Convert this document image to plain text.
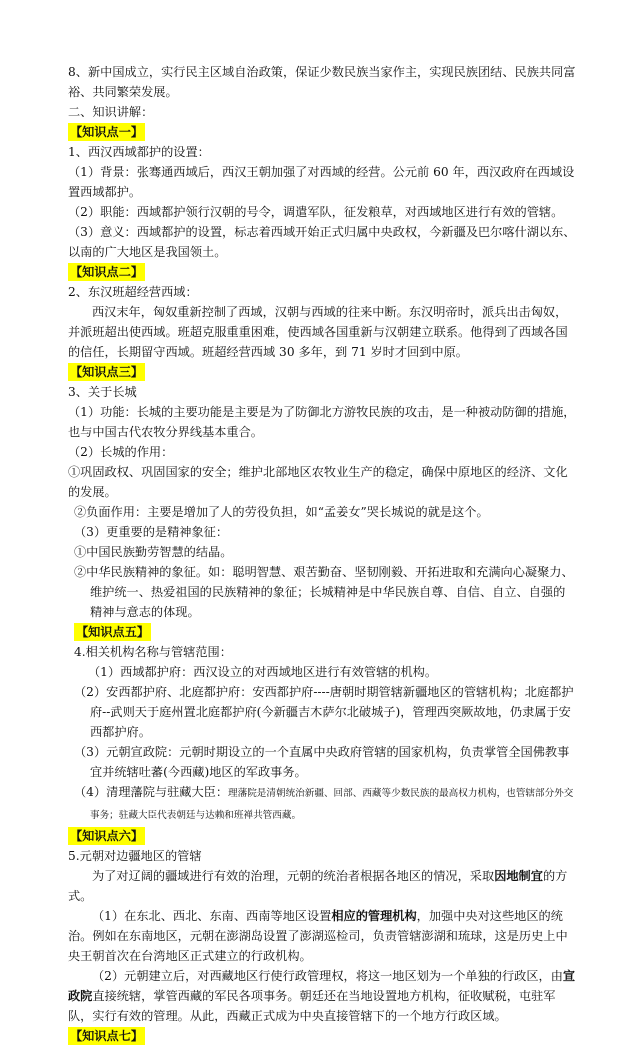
8、新中国成立，实行民主区域自治政策，保证少数民族当家作主，实现民族团结、民族共同富裕、共同繁荣发展。

二、知识讲解：

【知识点一】

1、西汉西域都护的设置：

（1）背景：张骞通西域后，西汉王朝加强了对西域的经营。公元前 60 年，西汉政府在西域设置西域都护。

（2）职能：西域都护领行汉朝的号令，调遣军队，征发粮草，对西域地区进行有效的管辖。

（3）意义：西域都护的设置，标志着西域开始正式归属中央政权，今新疆及巴尔喀什湖以东、以南的广大地区是我国领土。

【知识点二】

2、东汉班超经营西域：

西汉末年，匈奴重新控制了西域，汉朝与西域的往来中断。东汉明帝时，派兵出击匈奴，并派班超出使西域。班超克服重重困难，使西域各国重新与汉朝建立联系。他得到了西域各国的信任，长期留守西域。班超经营西域 30 多年，到 71 岁时才回到中原。

【知识点三】

3、关于长城

（1）功能：长城的主要功能是主要是为了防御北方游牧民族的攻击，是一种被动防御的措施，也与中国古代农牧分界线基本重合。

（2）长城的作用：

①巩固政权、巩固国家的安全；维护北部地区农牧业生产的稳定，确保中原地区的经济、文化的发展。

②负面作用：主要是增加了人的劳役负担，如“孟姜女”哭长城说的就是这个。

（3）更重要的是精神象征：

①中国民族勤劳智慧的结晶。

②中华民族精神的象征。如：聪明智慧、艰苦勤奋、坚韧刚毅、开拓进取和充满向心凝聚力、维护统一、热爱祖国的民族精神的象征；长城精神是中华民族自尊、自信、自立、自强的精神与意志的体现。

【知识点五】

4.相关机构名称与管辖范围：

（1）西域都护府：西汉设立的对西域地区进行有效管辖的机构。

（2）安西都护府、北庭都护府：安西都护府----唐朝时期管辖新疆地区的管辖机构；北庭都护府--武则天于庭州置北庭都护府(今新疆吉木萨尔北破城子)，管理西突厥故地，仍隶属于安西都护府。

（3）元朝宣政院：元朝时期设立的一个直属中央政府管辖的国家机构，负责掌管全国佛教事宜并统辖吐蕃(今西藏)地区的军政事务。

（4）清理藩院与驻藏大臣：理藩院是清朝统治新疆、回部、西藏等少数民族的最高权力机构，也管辖部分外交事务；驻藏大臣代表朝廷与达赖和班禅共管西藏。

【知识点六】

5.元朝对边疆地区的管辖

为了对辽阔的疆域进行有效的治理，元朝的统治者根据各地区的情况，采取因地制宜的方式。

（1）在东北、西北、东南、西南等地区设置相应的管理机构，加强中央对这些地区的统治。例如在东南地区，元朝在澎湖岛设置了澎湖巡检司，负责管辖澎湖和琉球，这是历史上中央王朝首次在台湾地区正式建立的行政机构。

（2）元朝建立后，对西藏地区行使行政管理权，将这一地区划为一个单独的行政区，由宣政院直接统辖，掌管西藏的军民各项事务。朝廷还在当地设置地方机构，征收赋税，屯驻军队，实行有效的管理。从此，西藏正式成为中央直接管辖下的一个地方行政区域。

【知识点七】
